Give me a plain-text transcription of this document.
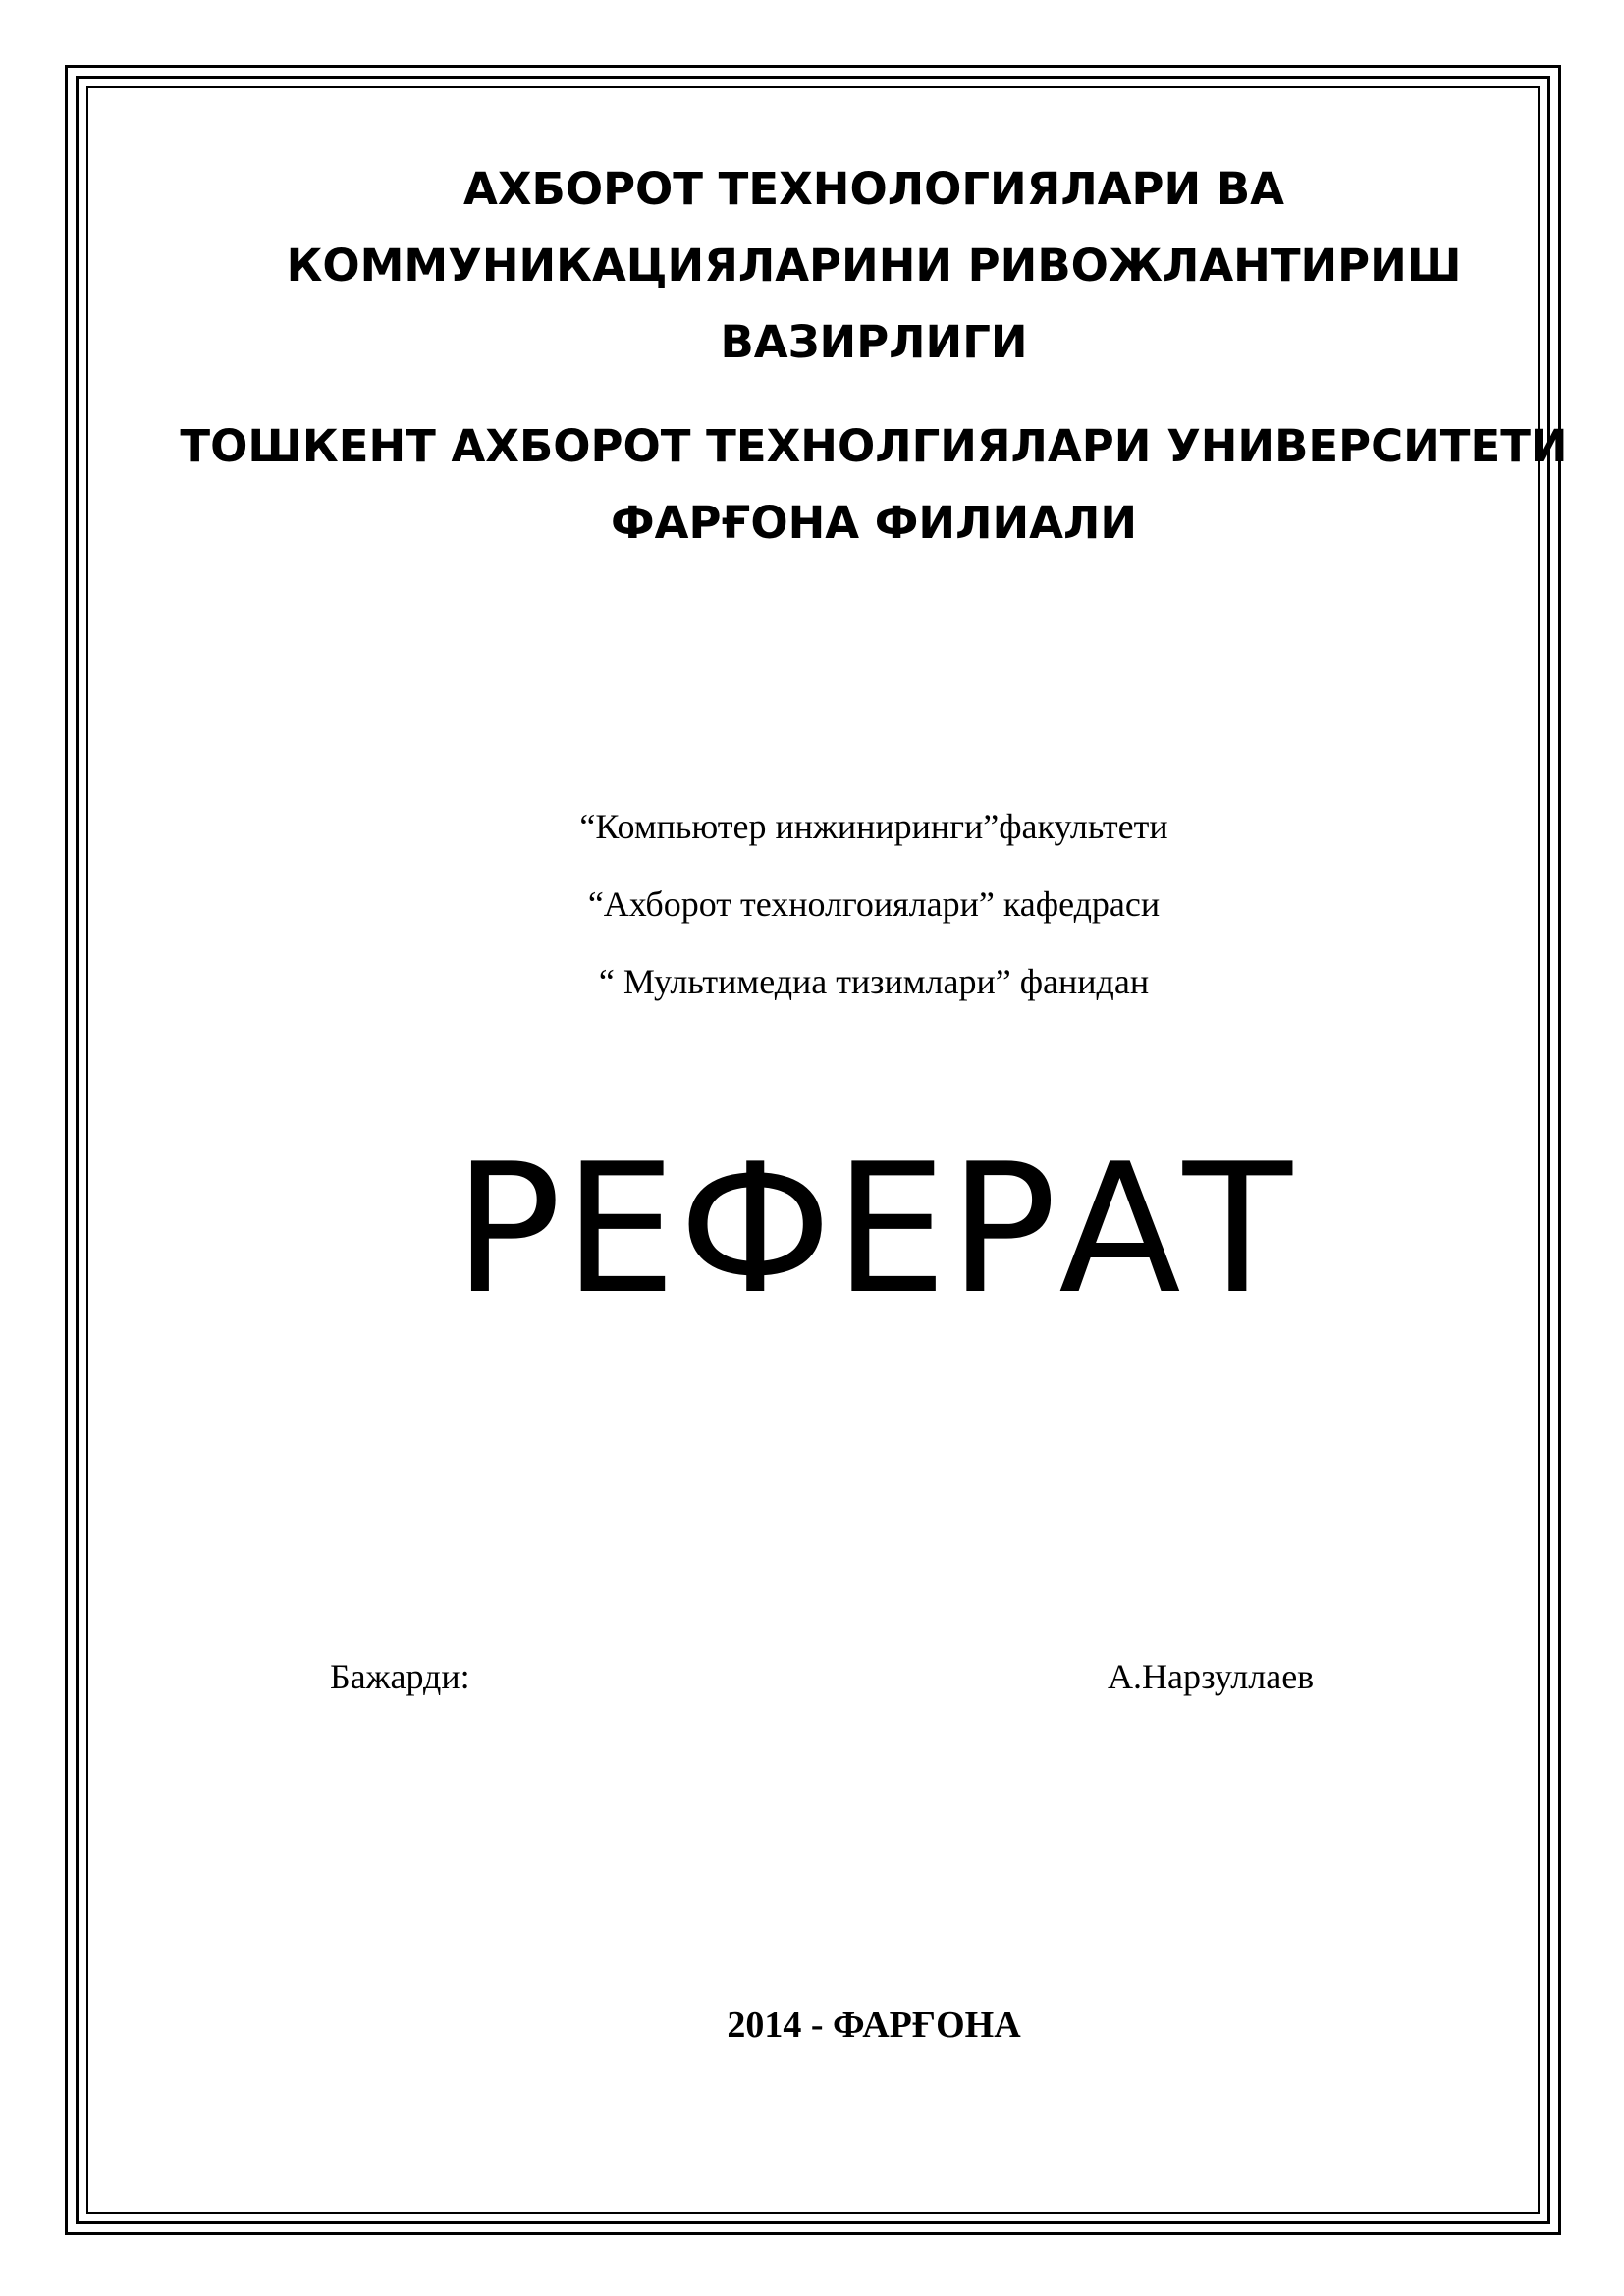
АХБОРОТ ТЕХНОЛОГИЯЛАРИ ВА
КОММУНИКАЦИЯЛАРИНИ РИВОЖЛАНТИРИШ
ВАЗИРЛИГИ
ТОШКЕНТ АХБОРОТ ТЕХНОЛГИЯЛАРИ УНИВЕРСИТЕТИ
ФАРҒОНА ФИЛИАЛИ
“Компьютер инжиниринги”факультети
“Ахборот технолгоиялари” кафедраси
“ Мультимедиа тизимлари” фанидан
РЕФЕРАТ
Бажарди:	А.Нарзуллаев
2014 - ФАРҒОНА
